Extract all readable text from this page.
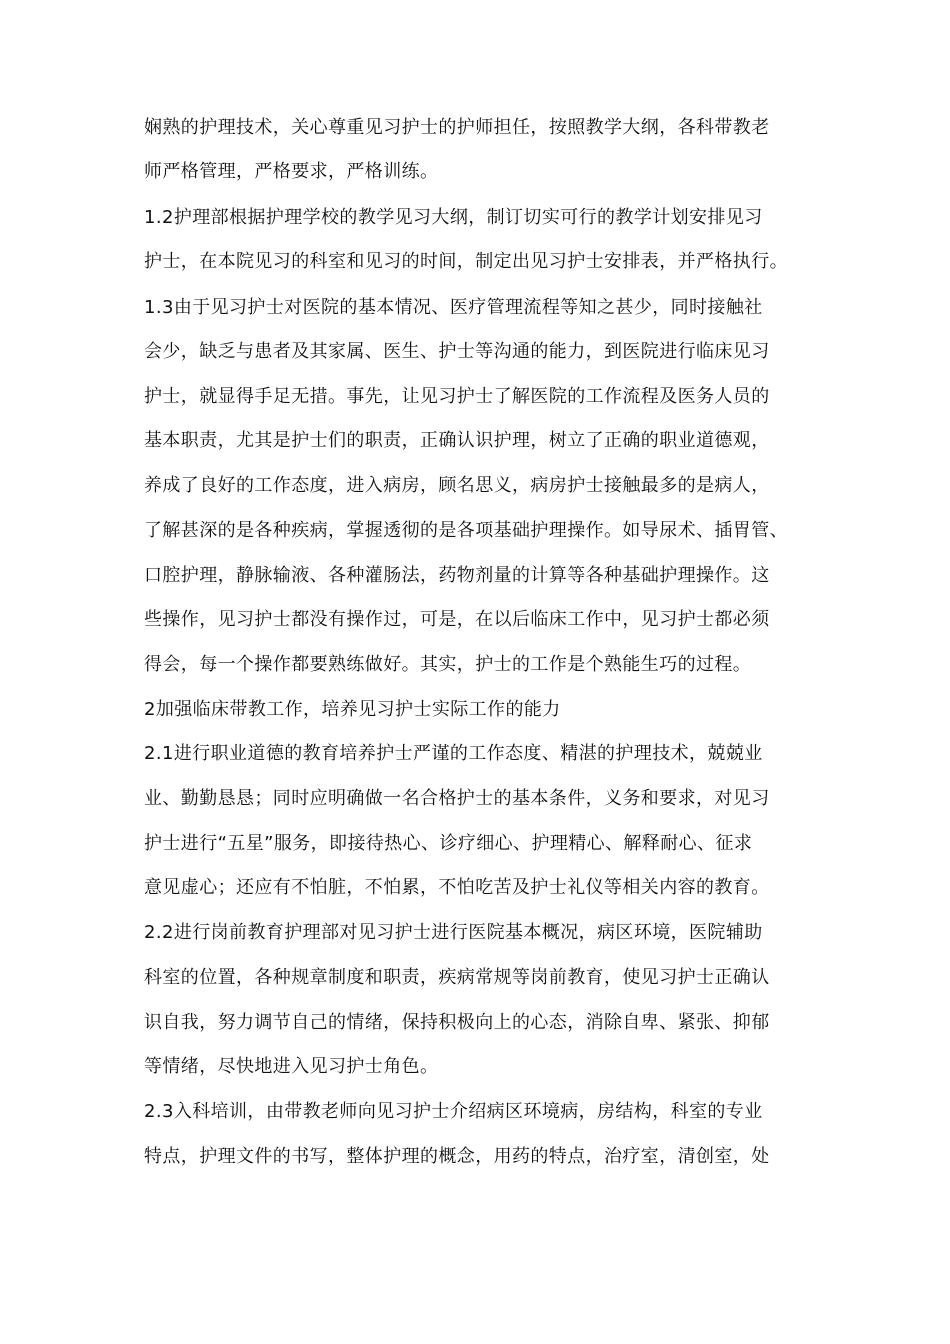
娴熟的护理技术，关心尊重见习护士的护师担任，按照教学大纲，各科带教老
师严格管理，严格要求，严格训练。
1.2护理部根据护理学校的教学见习大纲，制订切实可行的教学计划安排见习
护士，在本院见习的科室和见习的时间，制定出见习护士安排表，并严格执行。
1.3由于见习护士对医院的基本情况、医疗管理流程等知之甚少，同时接触社
会少，缺乏与患者及其家属、医生、护士等沟通的能力，到医院进行临床见习
护士，就显得手足无措。事先，让见习护士了解医院的工作流程及医务人员的
基本职责，尤其是护士们的职责，正确认识护理，树立了正确的职业道德观，
养成了良好的工作态度，进入病房，顾名思义，病房护士接触最多的是病人，
了解甚深的是各种疾病，掌握透彻的是各项基础护理操作。如导尿术、插胃管、
口腔护理，静脉输液、各种灌肠法，药物剂量的计算等各种基础护理操作。这
些操作，见习护士都没有操作过，可是，在以后临床工作中，见习护士都必须
得会，每一个操作都要熟练做好。其实，护士的工作是个熟能生巧的过程。
2加强临床带教工作，培养见习护士实际工作的能力
2.1进行职业道德的教育培养护士严谨的工作态度、精湛的护理技术，兢兢业
业、勤勤恳恳；同时应明确做一名合格护士的基本条件，义务和要求，对见习
护士进行“五星”服务，即接待热心、诊疗细心、护理精心、解释耐心、征求
意见虚心；还应有不怕脏，不怕累，不怕吃苦及护士礼仪等相关内容的教育。
2.2进行岗前教育护理部对见习护士进行医院基本概况，病区环境，医院辅助
科室的位置，各种规章制度和职责，疾病常规等岗前教育，使见习护士正确认
识自我，努力调节自己的情绪，保持积极向上的心态，消除自卑、紧张、抑郁
等情绪，尽快地进入见习护士角色。
2.3入科培训，由带教老师向见习护士介绍病区环境病，房结构，科室的专业
特点，护理文件的书写，整体护理的概念，用药的特点，治疗室，清创室，处
